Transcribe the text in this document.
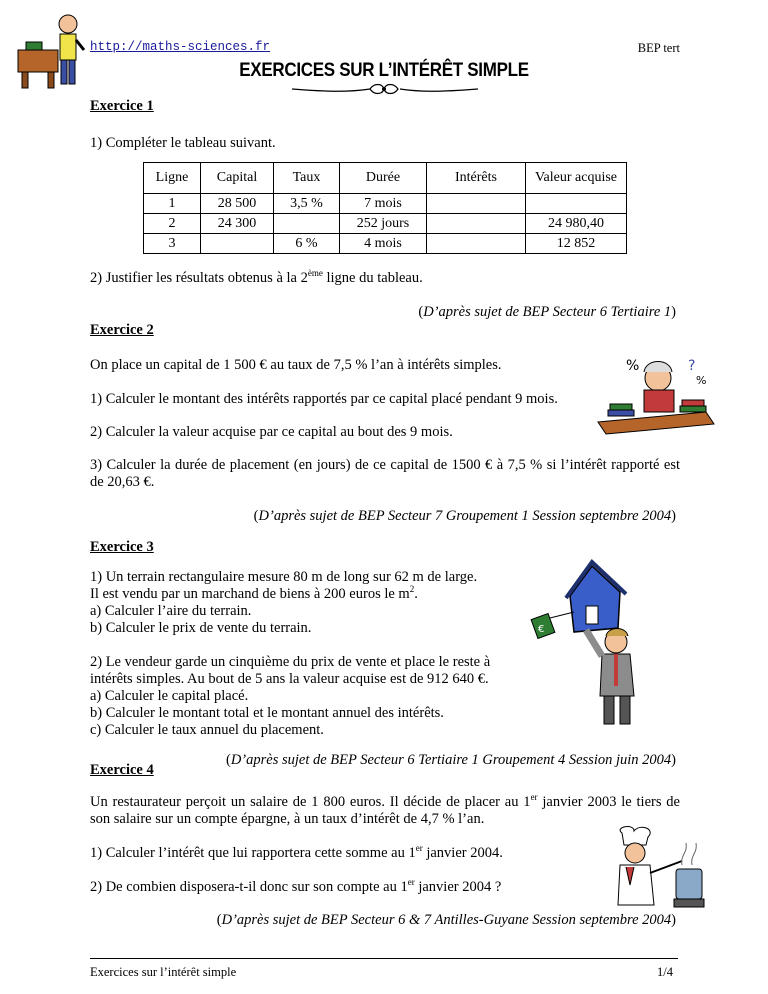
http://maths-sciences.fr	BEP tert
EXERCICES SUR L’INTÉRÊT SIMPLE
Exercice 1
1) Compléter le tableau suivant.
Ligne	Capital	Taux	Durée	Intérêts	Valeur acquise
1	28 500	3,5 %	7 mois		
2	24 300		252 jours		24 980,40
3		6 %	4 mois		12 852
2) Justifier les résultats obtenus à la 2ème ligne du tableau.
(D’après sujet de BEP Secteur 6 Tertiaire 1)
Exercice 2
On place un capital de 1 500 € au taux de 7,5 % l’an à intérêts simples.
1) Calculer le montant des intérêts rapportés par ce capital placé pendant 9 mois.
2) Calculer la valeur acquise par ce capital au bout des 9 mois.
3) Calculer la durée de placement (en jours) de ce capital de 1500 € à 7,5 % si l’intérêt rapporté est de 20,63 €.
(D’après sujet de BEP Secteur 7 Groupement 1 Session septembre 2004)
%	?
%
Exercice 3

1) Un terrain rectangulaire mesure 80 m de long sur 62 m de large.

Il est vendu par un marchand de biens à 200 euros le $m^2$.

a) Calculer l’aire du terrain.

b) Calculer le prix de vente du terrain.

2) Le vendeur garde un cinquième du prix de vente et place le reste à

intérêts simples. Au bout de 5 ans la valeur acquise est de 912 640 €.

a) Calculer le capital placé.

b) Calculer le montant total et le montant annuel des intérêts.

c) Calculer le taux annuel du placement.

(D’après sujet de BEP Secteur 6 Tertiaire 1 Groupement 4 Session juin 2004)
€
Exercice 4
Un restaurateur perçoit un salaire de 1 800 euros. Il décide de placer au 1er janvier 2003 le tiers de son salaire sur un compte épargne, à un taux d’intérêt de 4,7 % l’an.
1) Calculer l’intérêt que lui rapportera cette somme au 1er janvier 2004.
2) De combien disposera-t-il donc sur son compte au 1er janvier 2004 ?
(D’après sujet de BEP Secteur 6 & 7 Antilles-Guyane Session septembre 2004)
Exercices sur l’intérêt simple	1/4
